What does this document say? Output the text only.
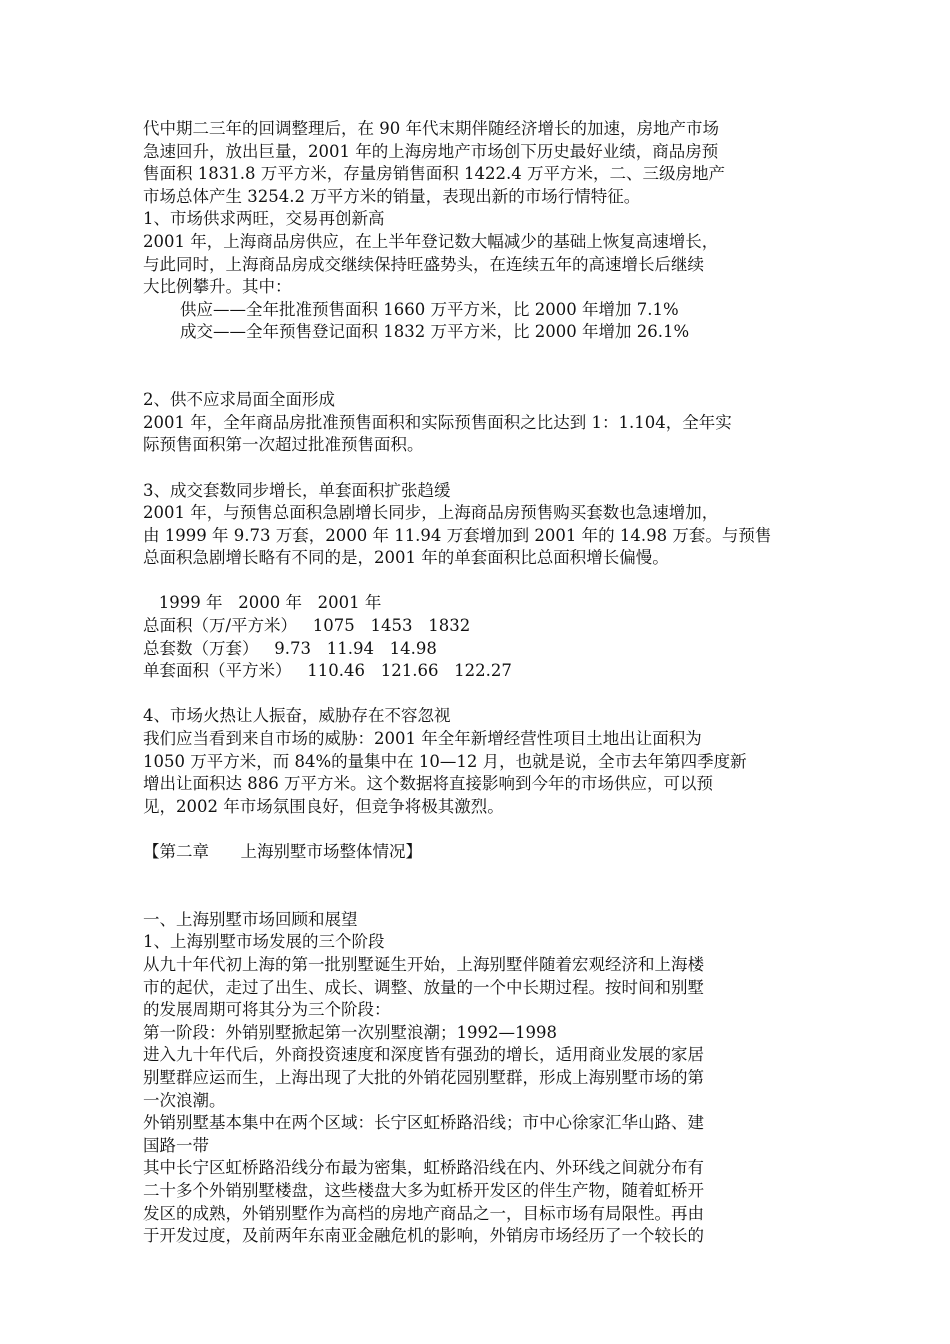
代中期二三年的回调整理后，在 90 年代末期伴随经济增长的加速，房地产市场
急速回升，放出巨量，2001 年的上海房地产市场创下历史最好业绩，商品房预
售面积 1831.8 万平方米，存量房销售面积 1422.4 万平方米，二、三级房地产
市场总体产生 3254.2 万平方米的销量，表现出新的市场行情特征。
1、市场供求两旺，交易再创新高
2001 年，上海商品房供应，在上半年登记数大幅减少的基础上恢复高速增长，
与此同时，上海商品房成交继续保持旺盛势头，在连续五年的高速增长后继续
大比例攀升。其中：
供应——全年批准预售面积 1660 万平方米，比 2000 年增加 7.1%
成交——全年预售登记面积 1832 万平方米，比 2000 年增加 26.1%
2、供不应求局面全面形成
2001 年，全年商品房批准预售面积和实际预售面积之比达到 1：1.104，全年实
际预售面积第一次超过批准预售面积。
3、成交套数同步增长，单套面积扩张趋缓
2001 年，与预售总面积急剧增长同步，上海商品房预售购买套数也急速增加，
由 1999 年 9.73 万套，2000 年 11.94 万套增加到 2001 年的 14.98 万套。与预售
总面积急剧增长略有不同的是，2001 年的单套面积比总面积增长偏慢。
1999 年   2000 年   2001 年
总面积（万/平方米）   1075   1453   1832
总套数（万套）   9.73   11.94   14.98
单套面积（平方米）   110.46   121.66   122.27
4、市场火热让人振奋，威胁存在不容忽视
我们应当看到来自市场的威胁：2001 年全年新增经营性项目土地出让面积为
1050 万平方米，而 84%的量集中在 10—12 月，也就是说，全市去年第四季度新
增出让面积达 886 万平方米。这个数据将直接影响到今年的市场供应，可以预
见，2002 年市场氛围良好，但竞争将极其激烈。
【第二章      上海别墅市场整体情况】
一、上海别墅市场回顾和展望
1、上海别墅市场发展的三个阶段
从九十年代初上海的第一批别墅诞生开始，上海别墅伴随着宏观经济和上海楼
市的起伏，走过了出生、成长、调整、放量的一个中长期过程。按时间和别墅
的发展周期可将其分为三个阶段：
第一阶段：外销别墅掀起第一次别墅浪潮；1992—1998
进入九十年代后，外商投资速度和深度皆有强劲的增长，适用商业发展的家居
别墅群应运而生，上海出现了大批的外销花园别墅群，形成上海别墅市场的第
一次浪潮。
外销别墅基本集中在两个区域：长宁区虹桥路沿线；市中心徐家汇华山路、建
国路一带
其中长宁区虹桥路沿线分布最为密集，虹桥路沿线在内、外环线之间就分布有
二十多个外销别墅楼盘，这些楼盘大多为虹桥开发区的伴生产物，随着虹桥开
发区的成熟，外销别墅作为高档的房地产商品之一，目标市场有局限性。再由
于开发过度，及前两年东南亚金融危机的影响，外销房市场经历了一个较长的
